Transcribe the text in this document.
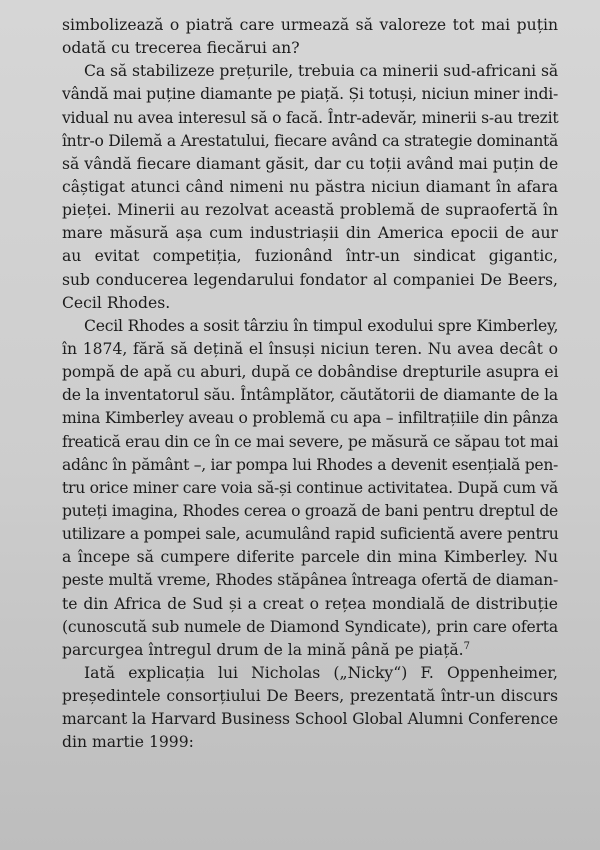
simbolizează o piatră care urmează să valoreze tot mai puțin
odată cu trecerea fiecărui an?

Ca să stabilizeze prețurile, trebuia ca minerii sud-africani să
vândă mai puține diamante pe piață. Și totuși, niciun miner indi-
vidual nu avea interesul să o facă. Într-adevăr, minerii s-au trezit
într-o Dilemă a Arestatului, fiecare având ca strategie dominantă
să vândă fiecare diamant găsit, dar cu toții având mai puțin de
câștigat atunci când nimeni nu păstra niciun diamant în afara
pieței. Minerii au rezolvat această problemă de supraofertă în
mare măsură așa cum industriașii din America epocii de aur
au evitat competiția, fuzionând într-un sindicat gigantic,
sub conducerea legendarului fondator al companiei De Beers,
Cecil Rhodes.

Cecil Rhodes a sosit târziu în timpul exodului spre Kimberley,
în 1874, fără să dețină el însuși niciun teren. Nu avea decât o
pompă de apă cu aburi, după ce dobândise drepturile asupra ei
de la inventatorul său. Întâmplător, căutătorii de diamante de la
mina Kimberley aveau o problemă cu apa – infiltrațiile din pânza
freatică erau din ce în ce mai severe, pe măsură ce săpau tot mai
adânc în pământ –, iar pompa lui Rhodes a devenit esențială pen-
tru orice miner care voia să-și continue activitatea. După cum vă
puteți imagina, Rhodes cerea o groază de bani pentru dreptul de
utilizare a pompei sale, acumulând rapid suficientă avere pentru
a începe să cumpere diferite parcele din mina Kimberley. Nu
peste multă vreme, Rhodes stăpânea întreaga ofertă de diaman-
te din Africa de Sud și a creat o rețea mondială de distribuție
(cunoscută sub numele de Diamond Syndicate), prin care oferta
parcurgea întregul drum de la mină până pe piață.$^7$

Iată explicația lui Nicholas („Nicky“) F. Oppenheimer,
președintele consorțiului De Beers, prezentată într-un discurs
marcant la Harvard Business School Global Alumni Conference
din martie 1999:
